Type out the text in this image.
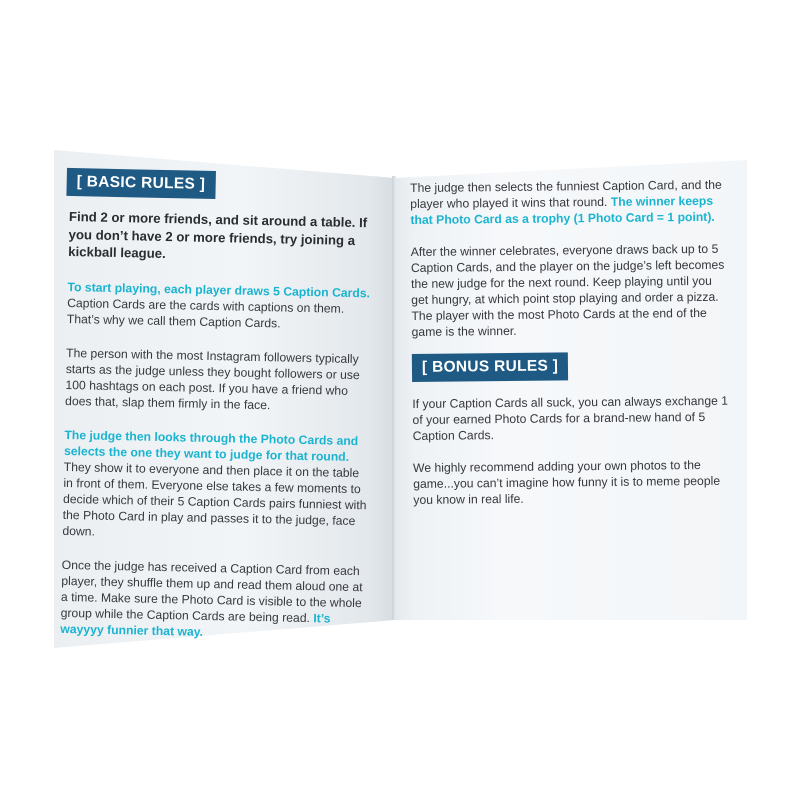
[ BASIC RULES ]

Find 2 or more friends, and sit around a table. If you don’t have 2 or more friends, try joining a kickball league.

To start playing, each player draws 5 Caption Cards. Caption Cards are the cards with captions on them. That’s why we call them Caption Cards.

The person with the most Instagram followers typically starts as the judge unless they bought followers or use 100 hashtags on each post. If you have a friend who does that, slap them firmly in the face.

The judge then looks through the Photo Cards and selects the one they want to judge for that round. They show it to everyone and then place it on the table in front of them. Everyone else takes a few moments to decide which of their 5 Caption Cards pairs funniest with the Photo Card in play and passes it to the judge, face down.

Once the judge has received a Caption Card from each player, they shuffle them up and read them aloud one at a time. Make sure the Photo Card is visible to the whole group while the Caption Cards are being read. It’s wayyyy funnier that way.

The judge then selects the funniest Caption Card, and the player who played it wins that round. The winner keeps that Photo Card as a trophy (1 Photo Card = 1 point).

After the winner celebrates, everyone draws back up to 5 Caption Cards, and the player on the judge’s left becomes the new judge for the next round. Keep playing until you get hungry, at which point stop playing and order a pizza. The player with the most Photo Cards at the end of the game is the winner.

[ BONUS RULES ]

If your Caption Cards all suck, you can always exchange 1 of your earned Photo Cards for a brand-new hand of 5 Caption Cards.

We highly recommend adding your own photos to the game...you can’t imagine how funny it is to meme people you know in real life.
